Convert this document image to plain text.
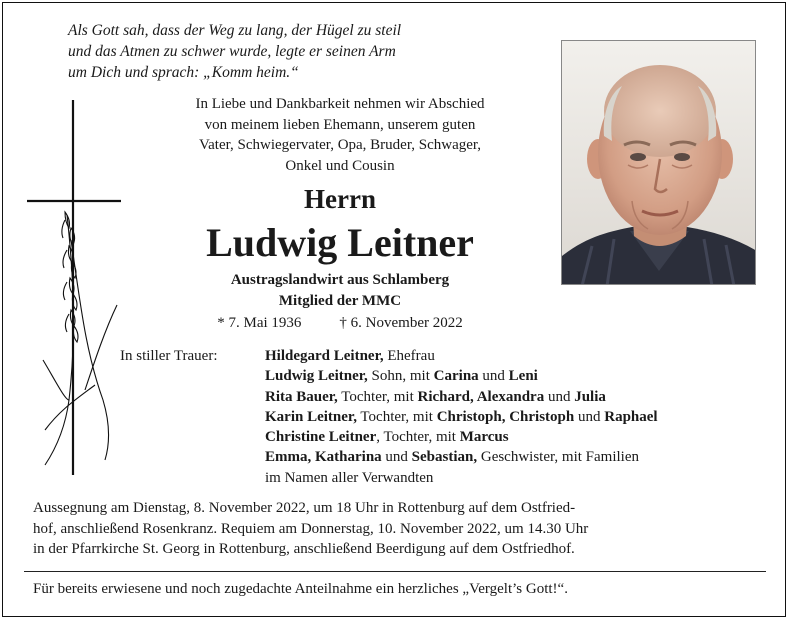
Als Gott sah, dass der Weg zu lang, der Hügel zu steil
und das Atmen zu schwer wurde, legte er seinen Arm
um Dich und sprach: „Komm heim.“
In Liebe und Dankbarkeit nehmen wir Abschied
von meinem lieben Ehemann, unserem guten
Vater, Schwiegervater, Opa, Bruder, Schwager,
Onkel und Cousin
Herrn
Ludwig Leitner
Austragslandwirt aus Schlamberg
Mitglied der MMC
* 7. Mai 1936	† 6. November 2022
In stiller Trauer:	Hildegard Leitner, Ehefrau
Ludwig Leitner, Sohn, mit Carina und Leni
Rita Bauer, Tochter, mit Richard, Alexandra und Julia
Karin Leitner, Tochter, mit Christoph, Christoph und Raphael
Christine Leitner, Tochter, mit Marcus
Emma, Katharina und Sebastian, Geschwister, mit Familien
im Namen aller Verwandten
Aussegnung am Dienstag, 8. November 2022, um 18 Uhr in Rottenburg auf dem Ostfried-
hof, anschließend Rosenkranz. Requiem am Donnerstag, 10. November 2022, um 14.30 Uhr
in der Pfarrkirche St. Georg in Rottenburg, anschließend Beerdigung auf dem Ostfriedhof.
Für bereits erwiesene und noch zugedachte Anteilnahme ein herzliches „Vergelt’s Gott!“.
